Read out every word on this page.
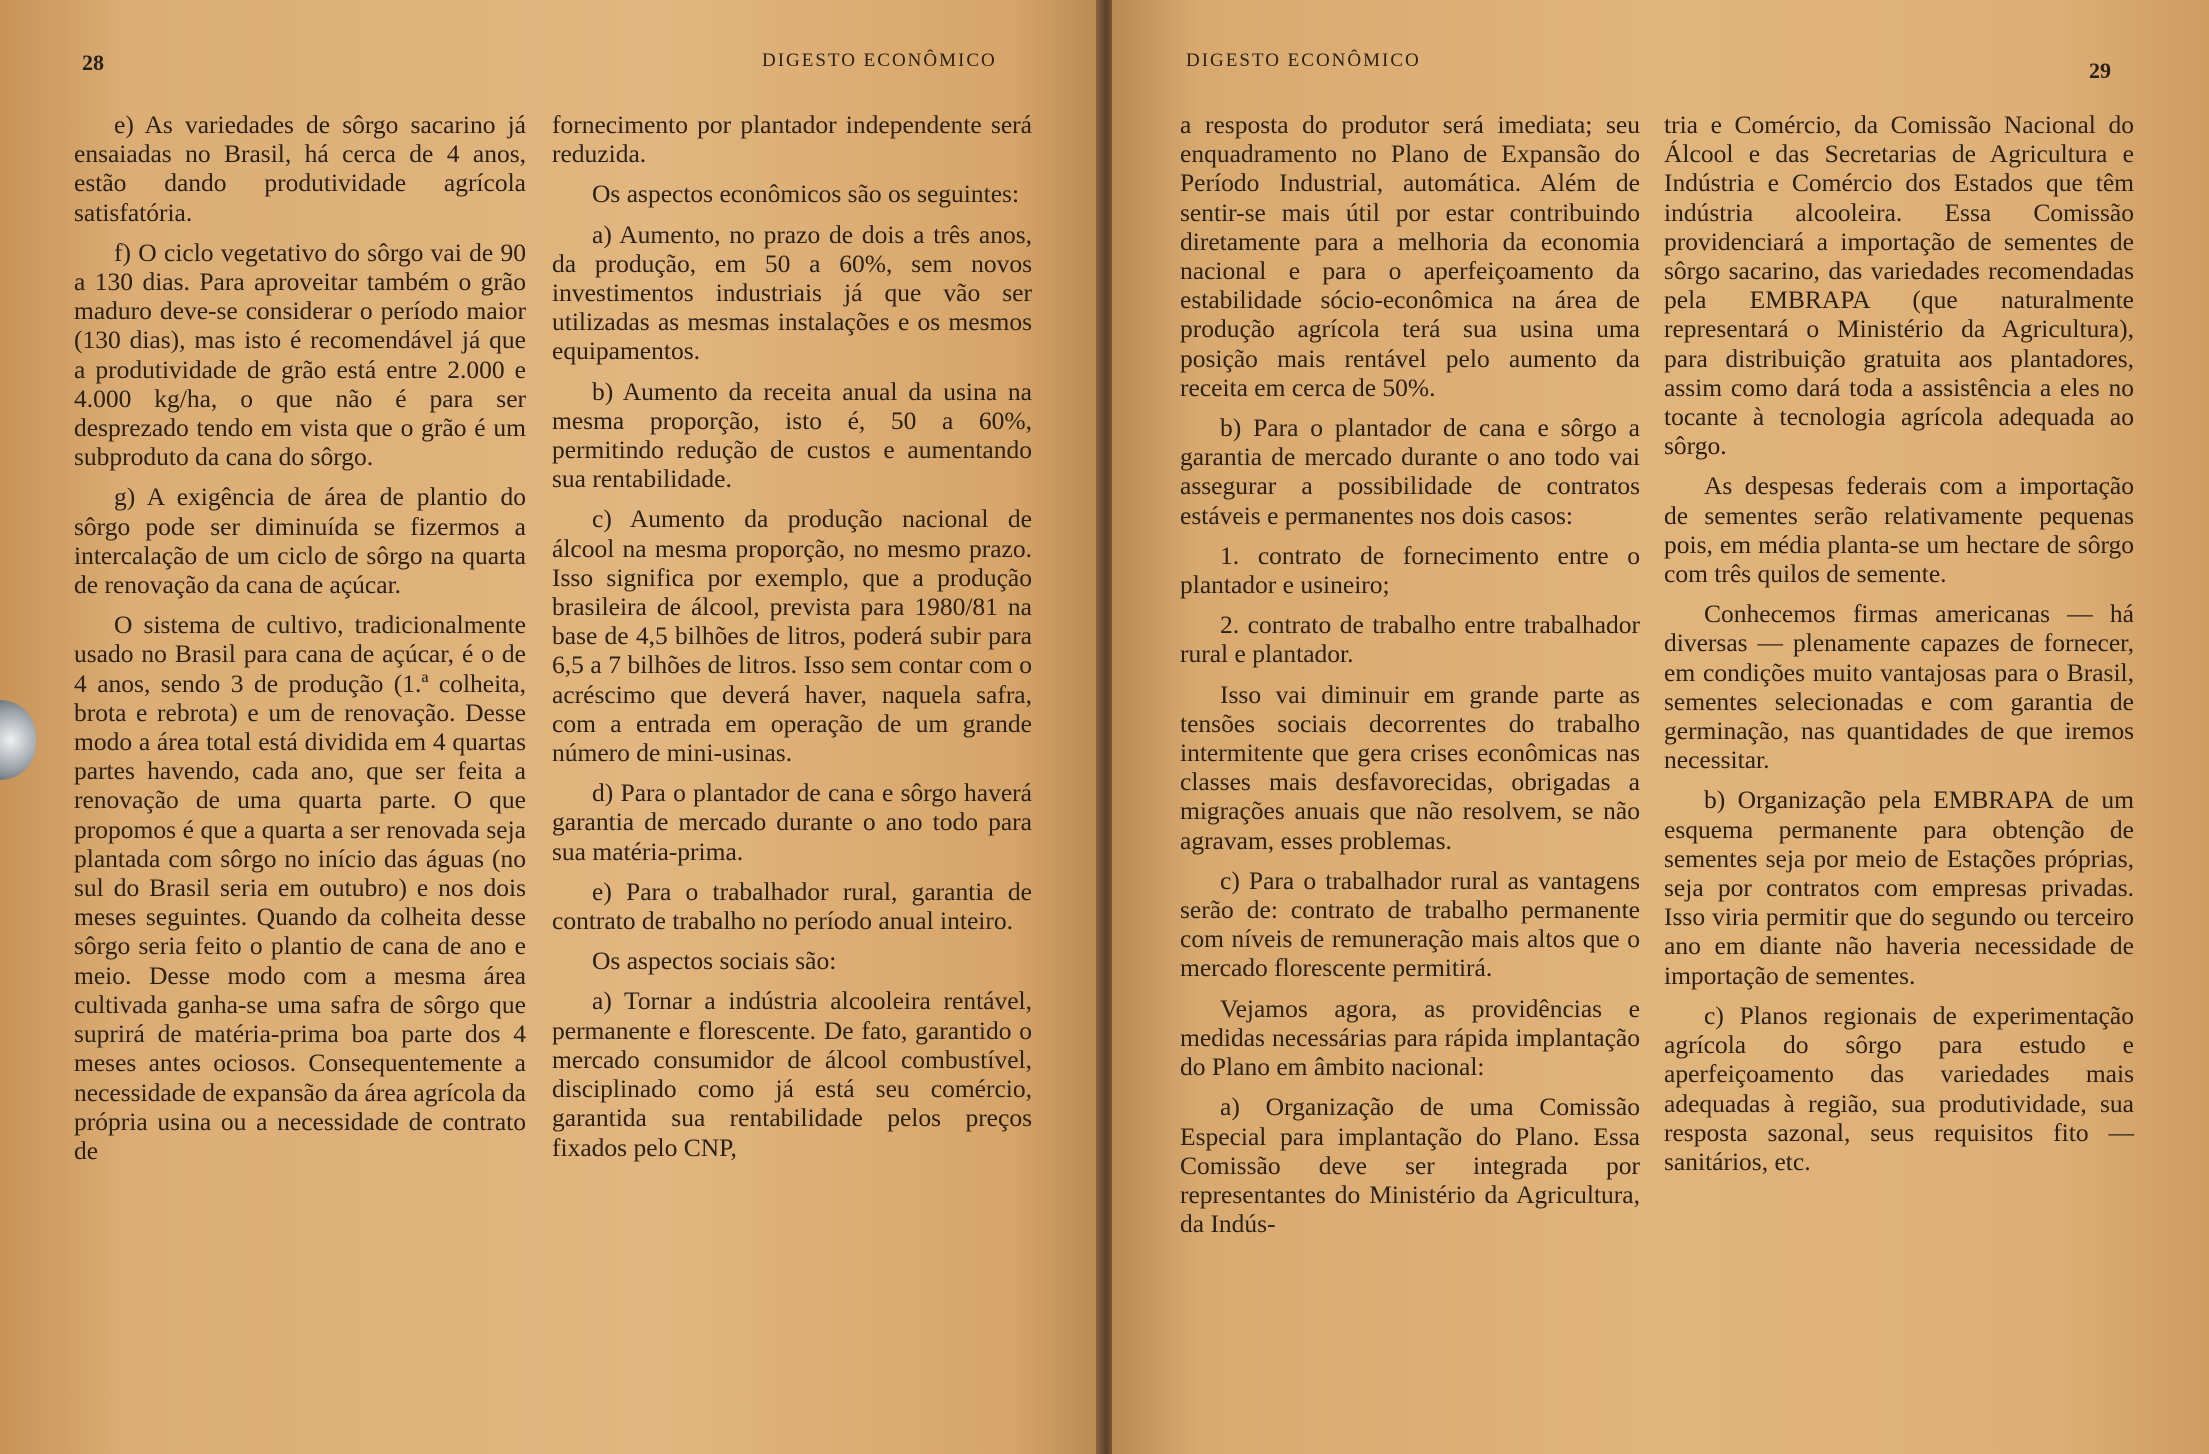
28	DIGESTO ECONÔMICO

e) As variedades de sôrgo sacarino já ensaiadas no Brasil, há cerca de 4 anos, estão dando produtividade agrícola satisfatória.

f) O ciclo vegetativo do sôrgo vai de 90 a 130 dias. Para aproveitar também o grão maduro deve-se considerar o período maior (130 dias), mas isto é recomendável já que a produtividade de grão está entre 2.000 e 4.000 kg/ha, o que não é para ser desprezado tendo em vista que o grão é um subproduto da cana do sôrgo.

g) A exigência de área de plantio do sôrgo pode ser diminuída se fizermos a intercalação de um ciclo de sôrgo na quarta de renovação da cana de açúcar.

O sistema de cultivo, tradicionalmente usado no Brasil para cana de açúcar, é o de 4 anos, sendo 3 de produção (1.ª colheita, brota e rebrota) e um de renovação. Desse modo a área total está dividida em 4 quartas partes havendo, cada ano, que ser feita a renovação de uma quarta parte. O que propomos é que a quarta a ser renovada seja plantada com sôrgo no início das águas (no sul do Brasil seria em outubro) e nos dois meses seguintes. Quando da colheita desse sôrgo seria feito o plantio de cana de ano e meio. Desse modo com a mesma área cultivada ganha-se uma safra de sôrgo que suprirá de matéria-prima boa parte dos 4 meses antes ociosos. Consequentemente a necessidade de expansão da área agrícola da própria usina ou a necessidade de contrato de

fornecimento por plantador independente será reduzida.

Os aspectos econômicos são os seguintes:

a) Aumento, no prazo de dois a três anos, da produção, em 50 a 60%, sem novos investimentos industriais já que vão ser utilizadas as mesmas instalações e os mesmos equipamentos.

b) Aumento da receita anual da usina na mesma proporção, isto é, 50 a 60%, permitindo redução de custos e aumentando sua rentabilidade.

c) Aumento da produção nacional de álcool na mesma proporção, no mesmo prazo. Isso significa por exemplo, que a produção brasileira de álcool, prevista para 1980/81 na base de 4,5 bilhões de litros, poderá subir para 6,5 a 7 bilhões de litros. Isso sem contar com o acréscimo que deverá haver, naquela safra, com a entrada em operação de um grande número de mini-usinas.

d) Para o plantador de cana e sôrgo haverá garantia de mercado durante o ano todo para sua matéria-prima.

e) Para o trabalhador rural, garantia de contrato de trabalho no período anual inteiro.

Os aspectos sociais são:

a) Tornar a indústria alcooleira rentável, permanente e florescente. De fato, garantido o mercado consumidor de álcool combustível, disciplinado como já está seu comércio, garantida sua rentabilidade pelos preços fixados pelo CNP,

DIGESTO ECONÔMICO	29

a resposta do produtor será imediata; seu enquadramento no Plano de Expansão do Período Industrial, automática. Além de sentir-se mais útil por estar contribuindo diretamente para a melhoria da economia nacional e para o aperfeiçoamento da estabilidade sócio-econômica na área de produção agrícola terá sua usina uma posição mais rentável pelo aumento da receita em cerca de 50%.

b) Para o plantador de cana e sôrgo a garantia de mercado durante o ano todo vai assegurar a possibilidade de contratos estáveis e permanentes nos dois casos:

1. contrato de fornecimento entre o plantador e usineiro;

2. contrato de trabalho entre trabalhador rural e plantador.

Isso vai diminuir em grande parte as tensões sociais decorrentes do trabalho intermitente que gera crises econômicas nas classes mais desfavorecidas, obrigadas a migrações anuais que não resolvem, se não agravam, esses problemas.

c) Para o trabalhador rural as vantagens serão de: contrato de trabalho permanente com níveis de remuneração mais altos que o mercado florescente permitirá.

Vejamos agora, as providências e medidas necessárias para rápida implantação do Plano em âmbito nacional:

a) Organização de uma Comissão Especial para implantação do Plano. Essa Comissão deve ser integrada por representantes do Ministério da Agricultura, da Indús-

tria e Comércio, da Comissão Nacional do Álcool e das Secretarias de Agricultura e Indústria e Comércio dos Estados que têm indústria alcooleira. Essa Comissão providenciará a importação de sementes de sôrgo sacarino, das variedades recomendadas pela EMBRAPA (que naturalmente representará o Ministério da Agricultura), para distribuição gratuita aos plantadores, assim como dará toda a assistência a eles no tocante à tecnologia agrícola adequada ao sôrgo.

As despesas federais com a importação de sementes serão relativamente pequenas pois, em média planta-se um hectare de sôrgo com três quilos de semente.

Conhecemos firmas americanas — há diversas — plenamente capazes de fornecer, em condições muito vantajosas para o Brasil, sementes selecionadas e com garantia de germinação, nas quantidades de que iremos necessitar.

b) Organização pela EMBRAPA de um esquema permanente para obtenção de sementes seja por meio de Estações próprias, seja por contratos com empresas privadas. Isso viria permitir que do segundo ou terceiro ano em diante não haveria necessidade de importação de sementes.

c) Planos regionais de experimentação agrícola do sôrgo para estudo e aperfeiçoamento das variedades mais adequadas à região, sua produtividade, sua resposta sazonal, seus requisitos fito — sanitários, etc.
